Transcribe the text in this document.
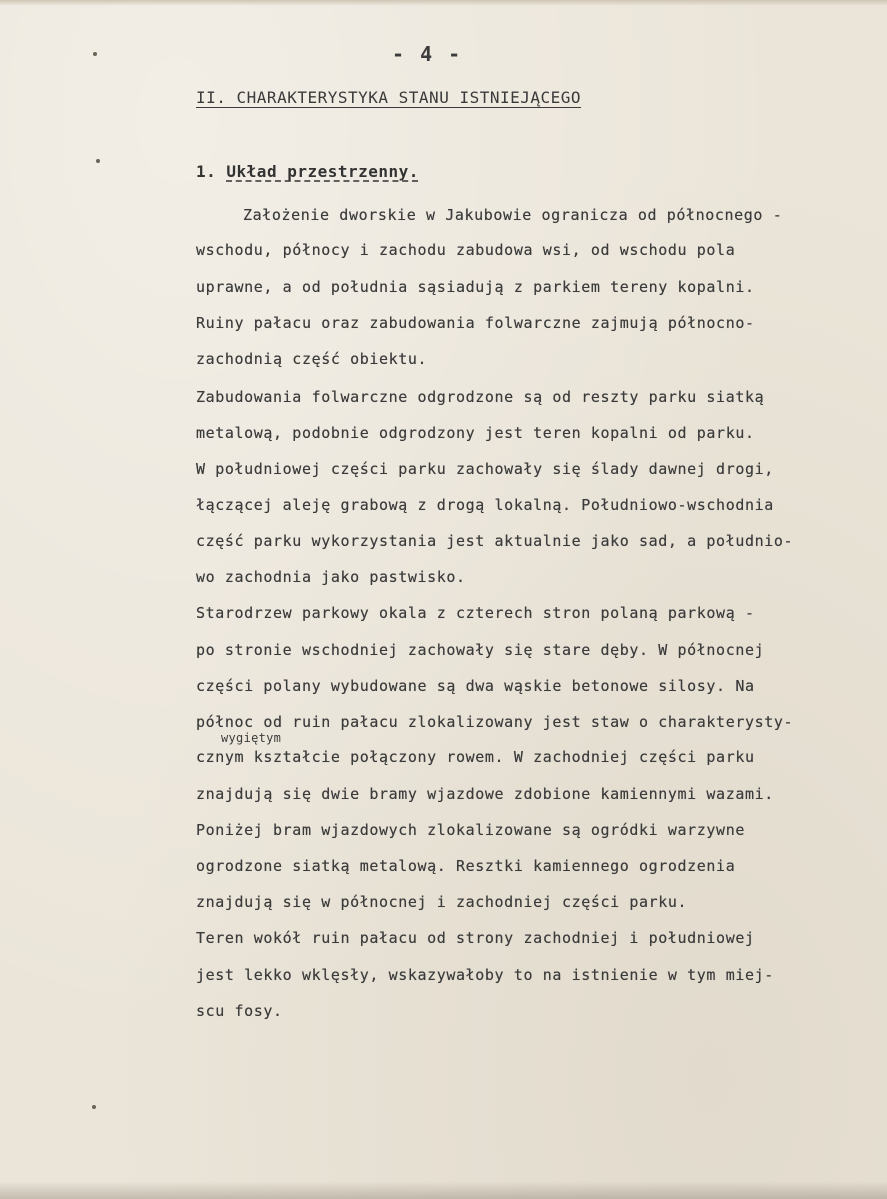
- 4 -
II. CHARAKTERYSTYKA STANU ISTNIEJĄCEGO
1. Układ przestrzenny.
Założenie dworskie w Jakubowie ogranicza od północnego -
wschodu, północy i zachodu zabudowa wsi, od wschodu pola
uprawne, a od południa sąsiadują z parkiem tereny kopalni.
Ruiny pałacu oraz zabudowania folwarczne zajmują północno-
zachodnią część obiektu.
Zabudowania folwarczne odgrodzone są od reszty parku siatką
metalową, podobnie odgrodzony jest teren kopalni od parku.
W południowej części parku zachowały się ślady dawnej drogi,
łączącej aleję grabową z drogą lokalną. Południowo-wschodnia
część parku wykorzystania jest aktualnie jako sad, a południo-
wo zachodnia jako pastwisko.
Starodrzew parkowy okala z czterech stron polaną parkową -
po stronie wschodniej zachowały się stare dęby. W północnej
części polany wybudowane są dwa wąskie betonowe silosy. Na
północ od ruin pałacu zlokalizowany jest staw o charakterysty-
cznym kształcie połączony rowem. W zachodniej części parku
znajdują się dwie bramy wjazdowe zdobione kamiennymi wazami.
Poniżej bram wjazdowych zlokalizowane są ogródki warzywne
ogrodzone siatką metalową. Resztki kamiennego ogrodzenia
znajdują się w północnej i zachodniej części parku.
Teren wokół ruin pałacu od strony zachodniej i południowej
jest lekko wklęsły, wskazywałoby to na istnienie w tym miej-
scu fosy.
wygiętym
